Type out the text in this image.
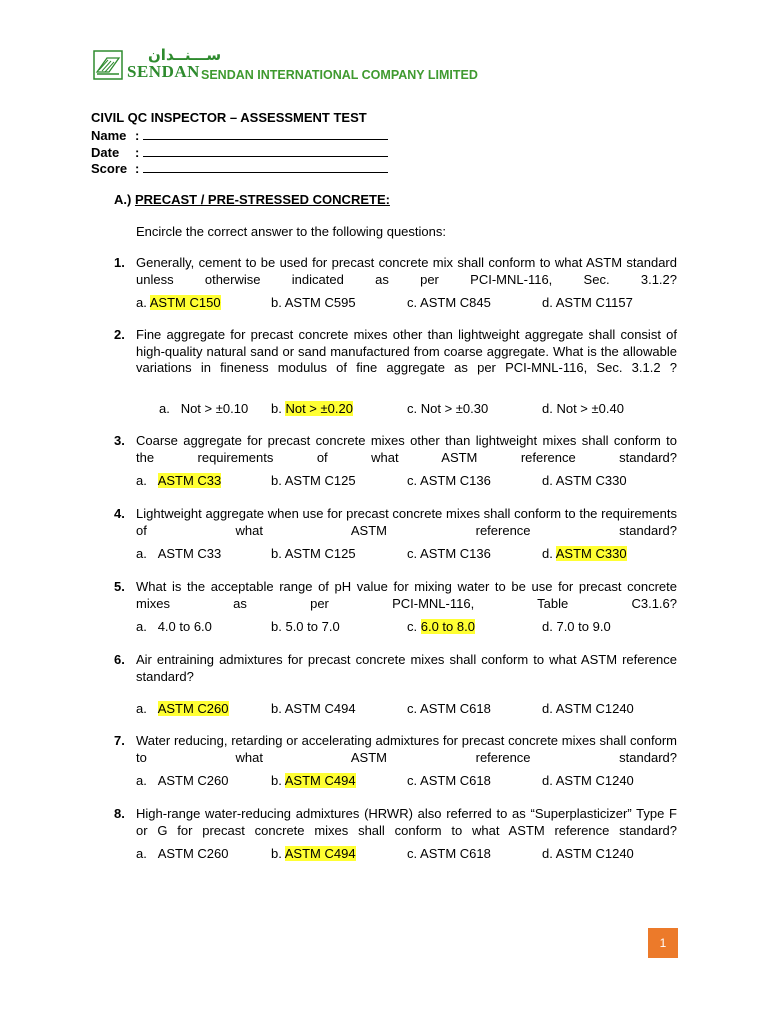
ســـنــدان
SENDAN SENDAN INTERNATIONAL COMPANY LIMITED
CIVIL QC INSPECTOR – ASSESSMENT TEST
Name :
Date :
Score :
A.) PRECAST / PRE-STRESSED CONCRETE:
Encircle the correct answer to the following questions:
1. Generally, cement to be used for precast concrete mix shall conform to what ASTM standard unless otherwise indicated as per PCI-MNL-116, Sec. 3.1.2?
a. ASTM C150	b. ASTM C595	c. ASTM C845	d. ASTM C1157
2. Fine aggregate for precast concrete mixes other than lightweight aggregate shall consist of high-quality natural sand or sand manufactured from coarse aggregate. What is the allowable variations in fineness modulus of fine aggregate as per PCI-MNL-116, Sec. 3.1.2 ?
a. Not > ±0.10 b. Not > ±0.20	c. Not > ±0.30	d. Not > ±0.40
3. Coarse aggregate for precast concrete mixes other than lightweight mixes shall conform to the requirements of what ASTM reference standard?
a. ASTM C33	b. ASTM C125	c. ASTM C136	d. ASTM C330
4. Lightweight aggregate when use for precast concrete mixes shall conform to the requirements of what ASTM reference standard?
a. ASTM C33	b. ASTM C125	c. ASTM C136	d. ASTM C330
5. What is the acceptable range of pH value for mixing water to be use for precast concrete mixes as per PCI-MNL-116, Table C3.1.6?
a. 4.0 to 6.0	b. 5.0 to 7.0	c. 6.0 to 8.0	d. 7.0 to 9.0
6. Air entraining admixtures for precast concrete mixes shall conform to what ASTM reference standard?
a. ASTM C260	b. ASTM C494	c. ASTM C618	d. ASTM C1240
7. Water reducing, retarding or accelerating admixtures for precast concrete mixes shall conform to what ASTM reference standard?
a. ASTM C260	b. ASTM C494	c. ASTM C618	d. ASTM C1240
8. High-range water-reducing admixtures (HRWR) also referred to as “Superplasticizer” Type F or G for precast concrete mixes shall conform to what ASTM reference standard?
a. ASTM C260	b. ASTM C494	c. ASTM C618	d. ASTM C1240
1
